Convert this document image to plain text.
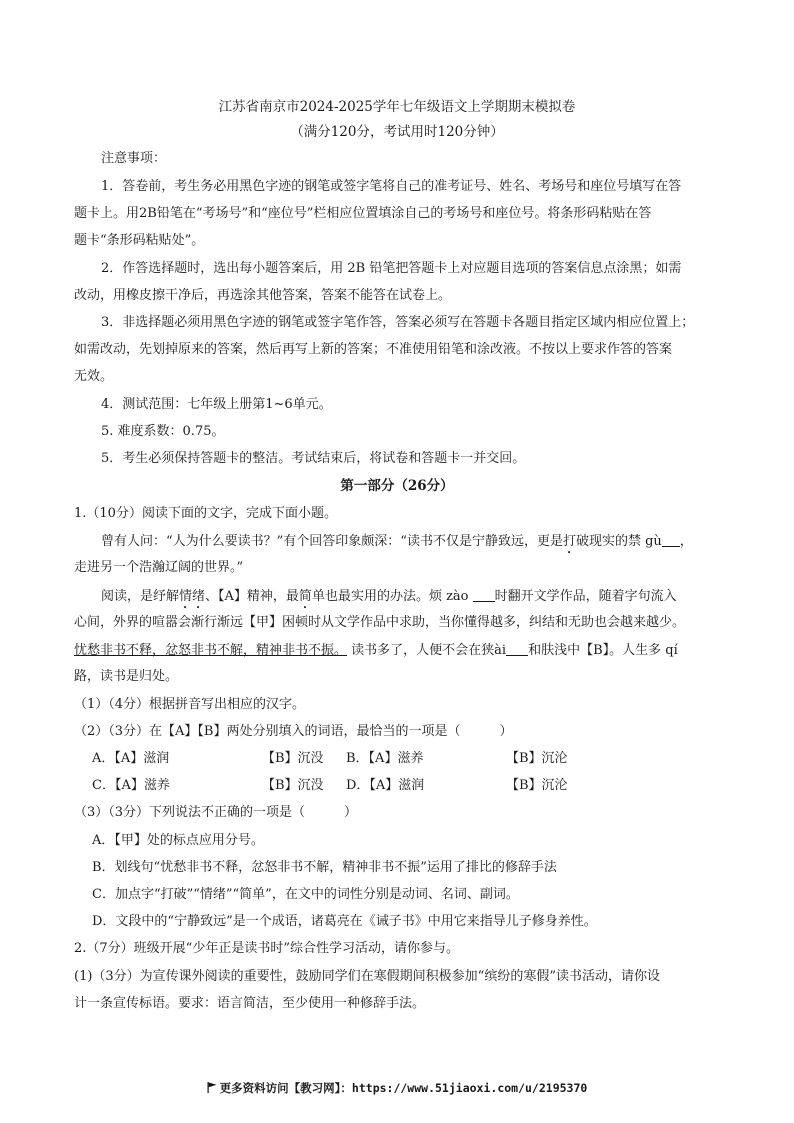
江苏省南京市2024-2025学年七年级语文上学期期末模拟卷
（满分120分，考试用时120分钟）
注意事项：
1．答卷前，考生务必用黑色字迹的钢笔或签字笔将自己的准考证号、姓名、考场号和座位号填写在答
题卡上。用2B铅笔在“考场号”和“座位号”栏相应位置填涂自己的考场号和座位号。将条形码粘贴在答
题卡“条形码粘贴处”。
2．作答选择题时，选出每小题答案后，用 2B 铅笔把答题卡上对应题目选项的答案信息点涂黑；如需
改动，用橡皮擦干净后，再选涂其他答案，答案不能答在试卷上。
3．非选择题必须用黑色字迹的钢笔或签字笔作答，答案必须写在答题卡各题目指定区域内相应位置上；
如需改动，先划掉原来的答案，然后再写上新的答案；不准使用铅笔和涂改液。不按以上要求作答的答案
无效。
4．测试范围：七年级上册第1~6单元。
5. 难度系数：0.75。
5．考生必须保持答题卡的整洁。考试结束后，将试卷和答题卡一并交回。
第一部分（26分）
1.（10分）阅读下面的文字，完成下面小题。
曾有人问：“人为什么要读书？”有个回答印象颇深：“读书不仅是宁静致远，更是打破现实的禁 gù ，
走进另一个浩瀚辽阔的世界。”
阅读，是纾解情绪、【A】精神，最简单也最实用的办法。烦 zào 时翻开文学作品，随着字句流入
心间，外界的喧嚣会渐行渐远【甲】困顿时从文学作品中求助，当你懂得越多，纠结和无助也会越来越少。
忧愁非书不释，忿怒非书不解，精神非书不振。 读书多了，人便不会在狭ài 和肤浅中【B】。人生多 qí
路，读书是归处。
（1）（4分）根据拼音写出相应的汉字。
（2）（3分）在【A】【B】两处分别填入的词语，最恰当的一项是（　　　）
A．【A】滋润	【B】沉没 B．【A】滋养	【B】沉沦
C．【A】滋养	【B】沉没 D．【A】滋润	【B】沉沦
（3）（3分）下列说法不正确的一项是（　　　）
A．【甲】处的标点应用分号。
B．划线句“忧愁非书不释，忿怒非书不解，精神非书不振”运用了排比的修辞手法
C．加点字“打破”“情绪”“简单”，在文中的词性分别是动词、名词、副词。
D．文段中的“宁静致远”是一个成语，诸葛亮在《诫子书》中用它来指导儿子修身养性。
2.（7分）班级开展“少年正是读书时”综合性学习活动，请你参与。
(1)（3分）为宣传课外阅读的重要性，鼓励同学们在寒假期间积极参加“缤纷的寒假”读书活动，请你设
计一条宣传标语。要求：语言简洁，至少使用一种修辞手法。
更多资料访问【教习网】：https://www.51jiaoxi.com/u/2195370
